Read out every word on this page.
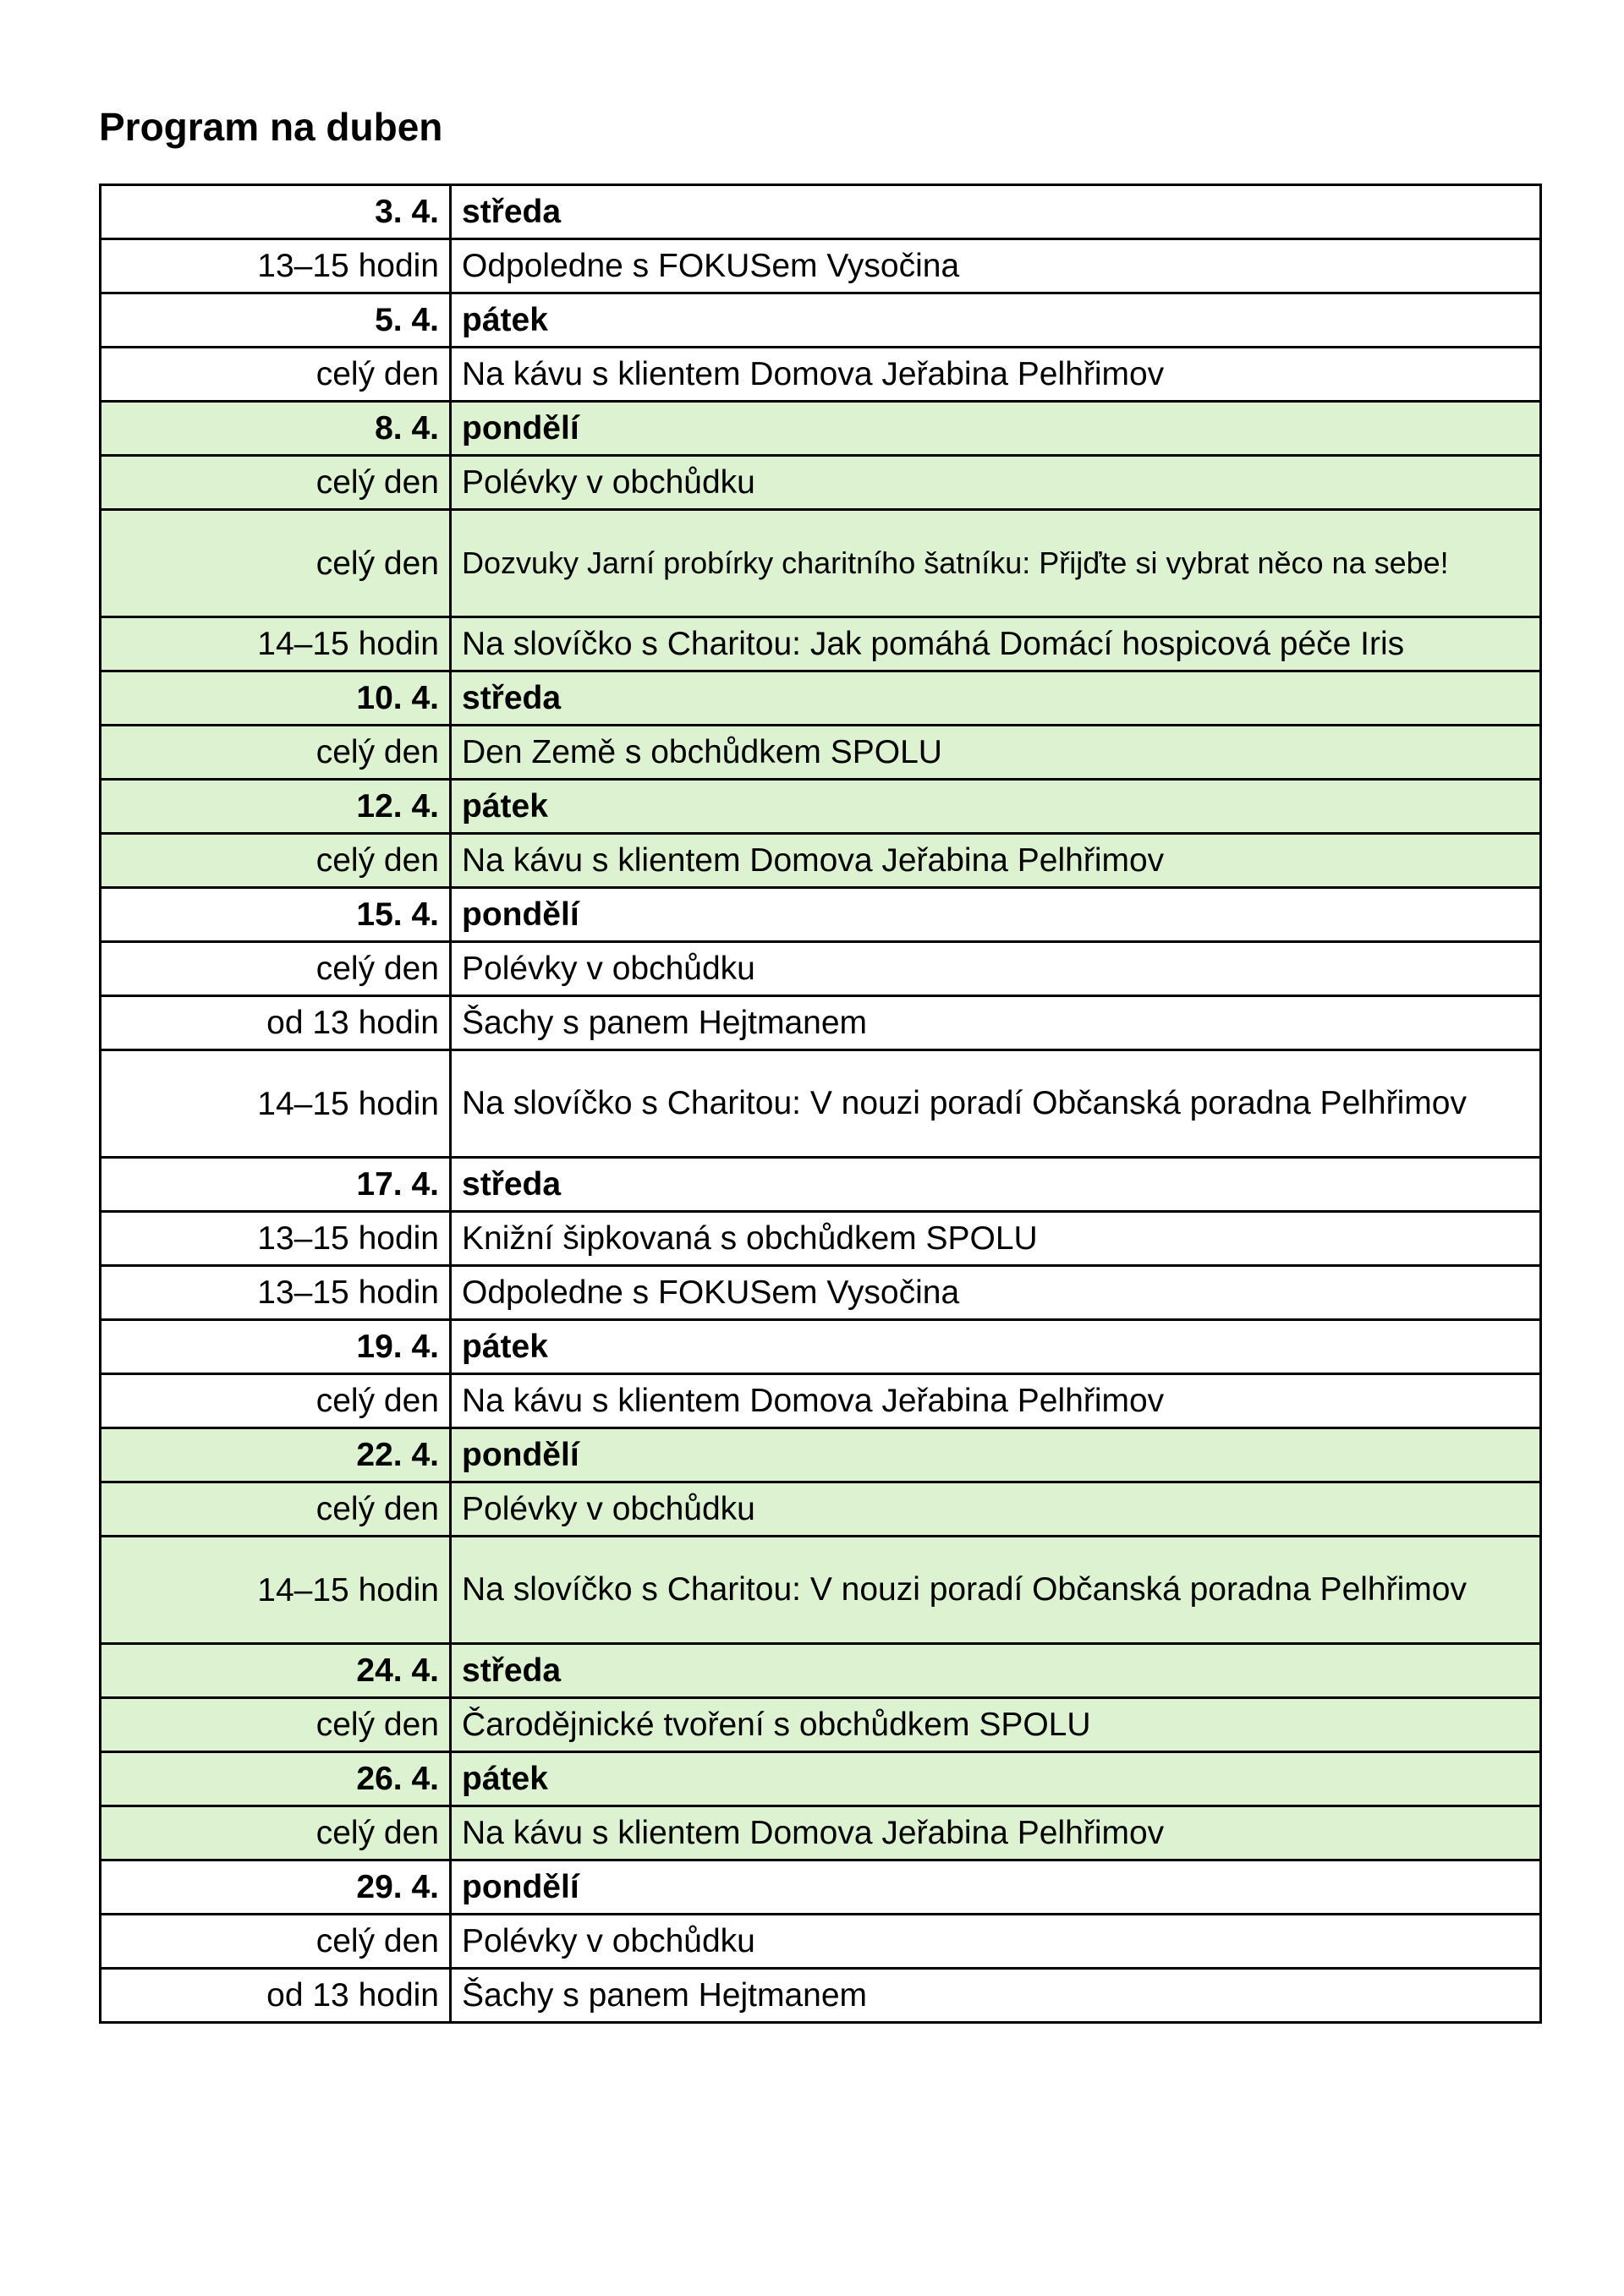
Program na duben
3. 4.	středa
13–15 hodin	Odpoledne s FOKUSem Vysočina
5. 4.	pátek
celý den	Na kávu s klientem Domova Jeřabina Pelhřimov
8. 4.	pondělí
celý den	Polévky v obchůdku
celý den	Dozvuky Jarní probírky charitního šatníku: Přijďte si vybrat něco na sebe!
14–15 hodin	Na slovíčko s Charitou: Jak pomáhá Domácí hospicová péče Iris
10. 4.	středa
celý den	Den Země s obchůdkem SPOLU
12. 4.	pátek
celý den	Na kávu s klientem Domova Jeřabina Pelhřimov
15. 4.	pondělí
celý den	Polévky v obchůdku
od 13 hodin	Šachy s panem Hejtmanem
14–15 hodin	Na slovíčko s Charitou: V nouzi poradí Občanská poradna Pelhřimov
17. 4.	středa
13–15 hodin	Knižní šipkovaná s obchůdkem SPOLU
13–15 hodin	Odpoledne s FOKUSem Vysočina
19. 4.	pátek
celý den	Na kávu s klientem Domova Jeřabina Pelhřimov
22. 4.	pondělí
celý den	Polévky v obchůdku
14–15 hodin	Na slovíčko s Charitou: V nouzi poradí Občanská poradna Pelhřimov
24. 4.	středa
celý den	Čarodějnické tvoření s obchůdkem SPOLU
26. 4.	pátek
celý den	Na kávu s klientem Domova Jeřabina Pelhřimov
29. 4.	pondělí
celý den	Polévky v obchůdku
od 13 hodin	Šachy s panem Hejtmanem
